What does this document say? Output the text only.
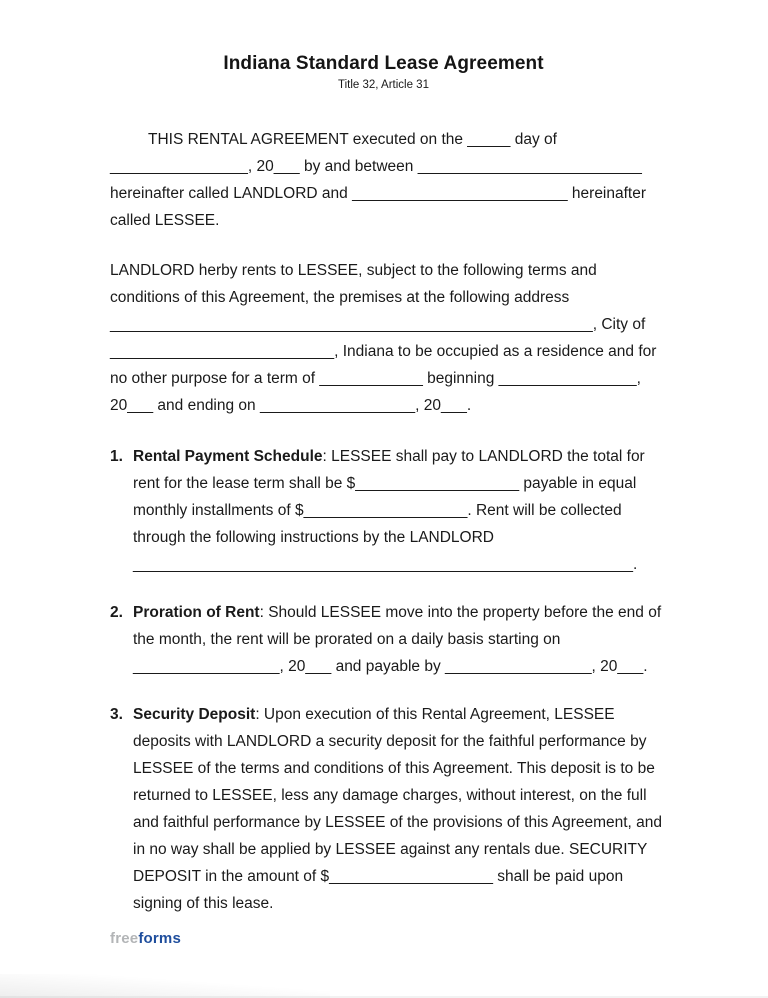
Indiana Standard Lease Agreement
Title 32, Article 31

THIS RENTAL AGREEMENT executed on the _____ day of
________________, 20___ by and between __________________________
hereinafter called LANDLORD and _________________________ hereinafter
called LESSEE.

LANDLORD herby rents to LESSEE, subject to the following terms and
conditions of this Agreement, the premises at the following address
________________________________________________________, City of
__________________________, Indiana to be occupied as a residence and for
no other purpose for a term of ____________ beginning ________________,
20___ and ending on __________________, 20___.

1. Rental Payment Schedule: LESSEE shall pay to LANDLORD the total for
rent for the lease term shall be $___________________ payable in equal
monthly installments of $___________________. Rent will be collected
through the following instructions by the LANDLORD
__________________________________________________________.
2. Proration of Rent: Should LESSEE move into the property before the end of
the month, the rent will be prorated on a daily basis starting on
_________________, 20___ and payable by _________________, 20___.
3. Security Deposit: Upon execution of this Rental Agreement, LESSEE
deposits with LANDLORD a security deposit for the faithful performance by
LESSEE of the terms and conditions of this Agreement. This deposit is to be
returned to LESSEE, less any damage charges, without interest, on the full
and faithful performance by LESSEE of the provisions of this Agreement, and
in no way shall be applied by LESSEE against any rentals due. SECURITY
DEPOSIT in the amount of $___________________ shall be paid upon
signing of this lease.
freeforms
